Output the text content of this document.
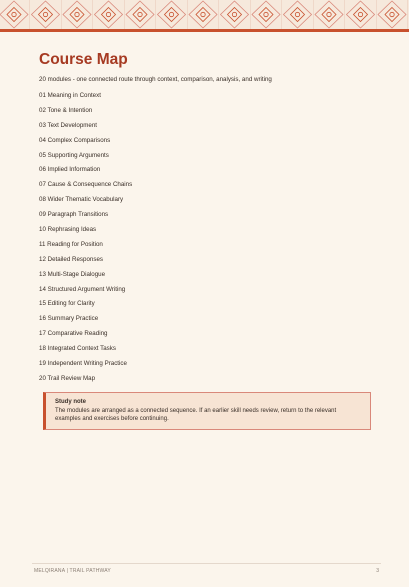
Course Map
20 modules - one connected route through context, comparison, analysis, and writing
01 Meaning in Context
02 Tone & Intention
03 Text Development
04 Complex Comparisons
05 Supporting Arguments
06 Implied Information
07 Cause & Consequence Chains
08 Wider Thematic Vocabulary
09 Paragraph Transitions
10 Rephrasing Ideas
11 Reading for Position
12 Detailed Responses
13 Multi-Stage Dialogue
14 Structured Argument Writing
15 Editing for Clarity
16 Summary Practice
17 Comparative Reading
18 Integrated Context Tasks
19 Independent Writing Practice
20 Trail Review Map
Study note
The modules are arranged as a connected sequence. If an earlier skill needs review, return to the relevant examples and exercises before continuing.
MELQIRANA | TRAIL PATHWAY	3
